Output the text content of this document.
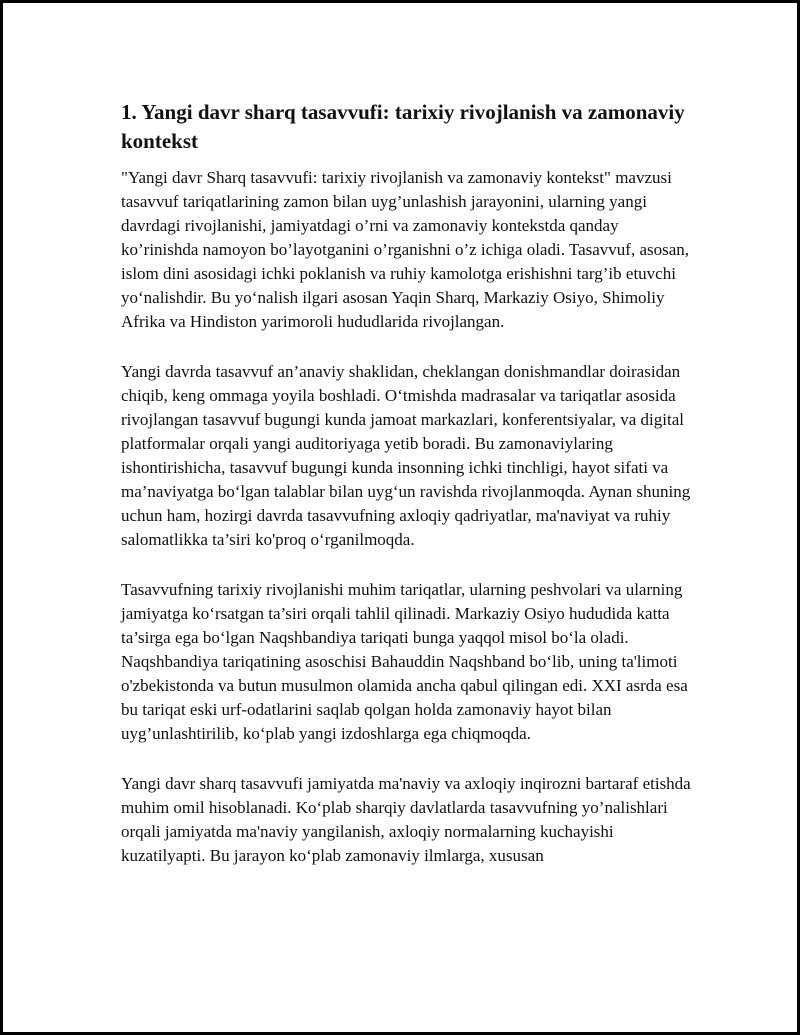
1. Yangi davr sharq tasavvufi: tarixiy rivojlanish va zamonaviy kontekst

"Yangi davr Sharq tasavvufi: tarixiy rivojlanish va zamonaviy kontekst" mavzusi tasavvuf tariqatlarining zamon bilan uyg’unlashish jarayonini, ularning yangi davrdagi rivojlanishi, jamiyatdagi o’rni va zamonaviy kontekstda qanday ko’rinishda namoyon bo’layotganini o’rganishni o’z ichiga oladi. Tasavvuf, asosan, islom dini asosidagi ichki poklanish va ruhiy kamolotga erishishni targ’ib etuvchi yo‘nalishdir. Bu yo‘nalish ilgari asosan Yaqin Sharq, Markaziy Osiyo, Shimoliy Afrika va Hindiston yarimoroli hududlarida rivojlangan.

Yangi davrda tasavvuf an’anaviy shaklidan, cheklangan donishmandlar doirasidan chiqib, keng ommaga yoyila boshladi. O‘tmishda madrasalar va tariqatlar asosida rivojlangan tasavvuf bugungi kunda jamoat markazlari, konferentsiyalar, va digital platformalar orqali yangi auditoriyaga yetib boradi. Bu zamonaviylaring ishontirishicha, tasavvuf bugungi kunda insonning ichki tinchligi, hayot sifati va ma’naviyatga bo‘lgan talablar bilan uyg‘un ravishda rivojlanmoqda. Aynan shuning uchun ham, hozirgi davrda tasavvufning axloqiy qadriyatlar, ma'naviyat va ruhiy salomatlikka ta’siri ko'proq o‘rganilmoqda.

Tasavvufning tarixiy rivojlanishi muhim tariqatlar, ularning peshvolari va ularning jamiyatga ko‘rsatgan ta’siri orqali tahlil qilinadi. Markaziy Osiyo hududida katta ta’sirga ega bo‘lgan Naqshbandiya tariqati bunga yaqqol misol bo‘la oladi. Naqshbandiya tariqatining asoschisi Bahauddin Naqshband bo‘lib, uning ta'limoti o'zbekistonda va butun musulmon olamida ancha qabul qilingan edi. XXI asrda esa bu tariqat eski urf-odatlarini saqlab qolgan holda zamonaviy hayot bilan uyg’unlashtirilib, ko‘plab yangi izdoshlarga ega chiqmoqda.

Yangi davr sharq tasavvufi jamiyatda ma'naviy va axloqiy inqirozni bartaraf etishda muhim omil hisoblanadi. Ko‘plab sharqiy davlatlarda tasavvufning yo’nalishlari orqali jamiyatda ma'naviy yangilanish, axloqiy normalarning kuchayishi kuzatilyapti. Bu jarayon ko‘plab zamonaviy ilmlarga, xususan
